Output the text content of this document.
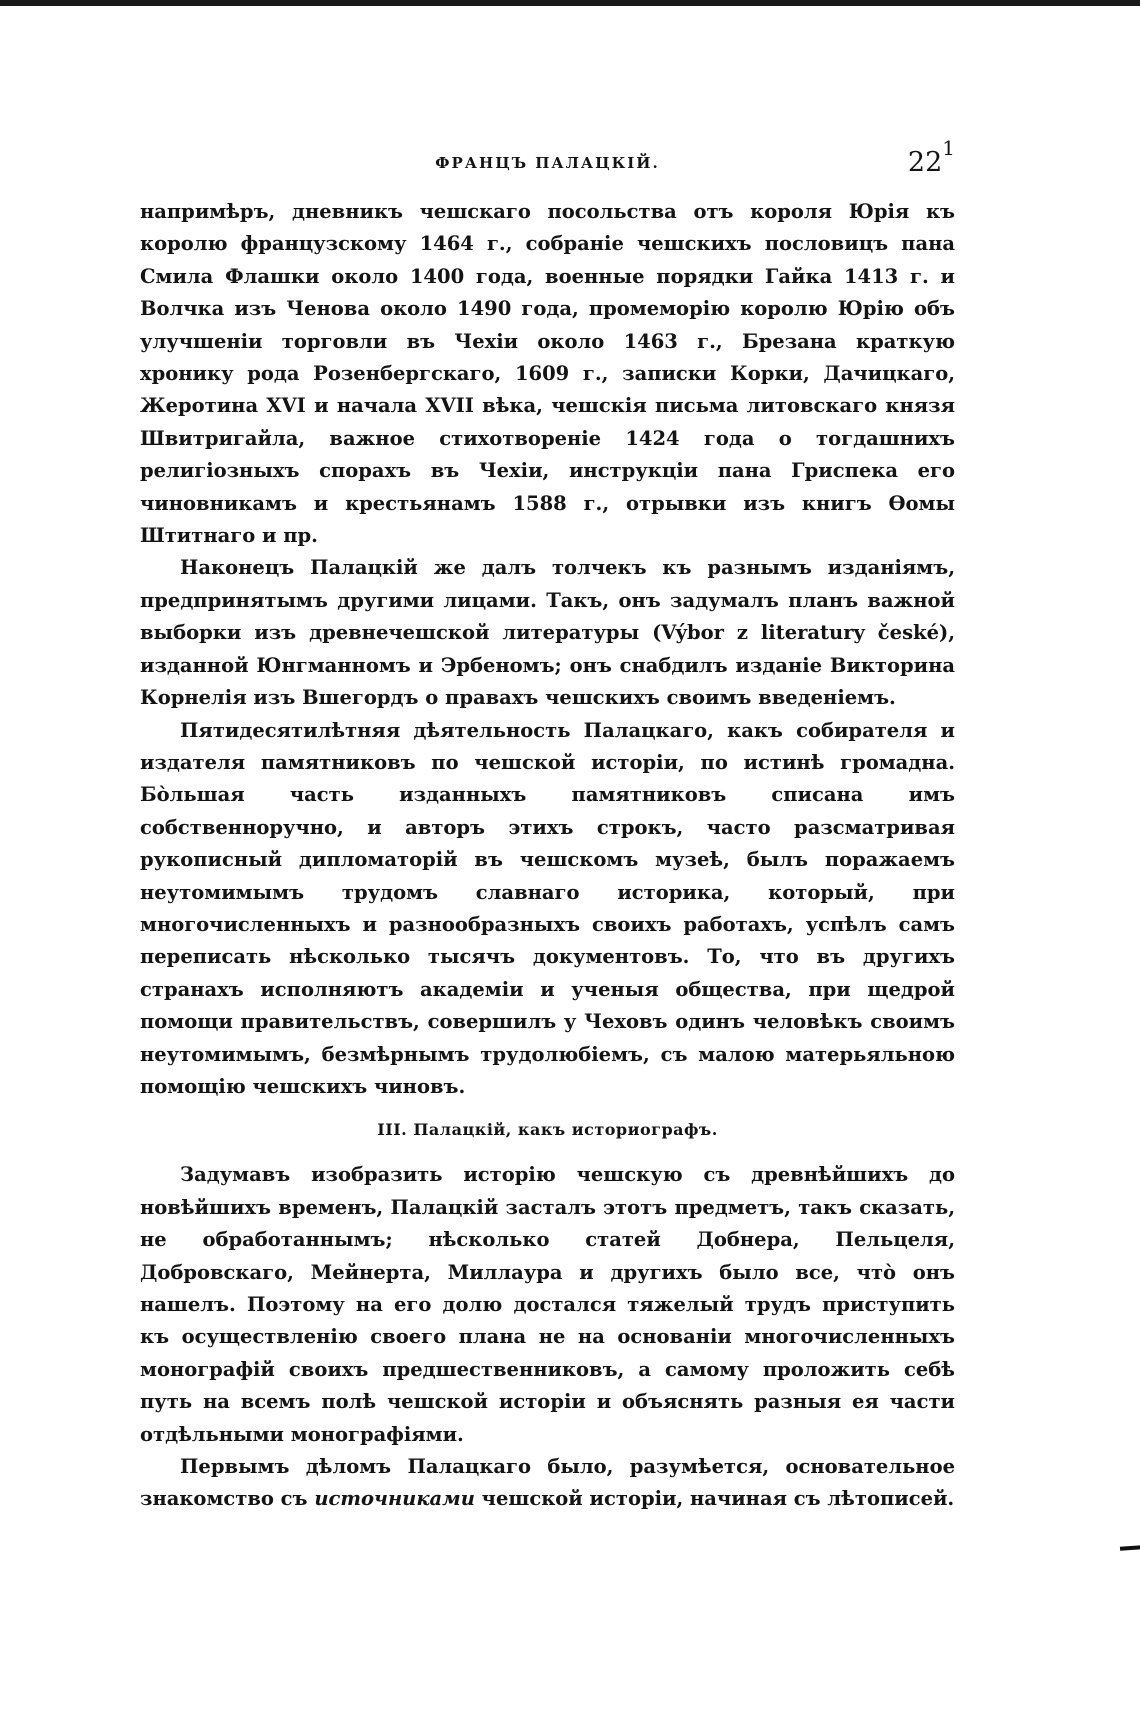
ФРАНЦЪ ПАЛАЦКІЙ.	$22^1$

напримѣръ, дневникъ чешскаго посольства отъ короля Юрія къ королю французскому 1464 г., собраніе чешскихъ пословицъ пана Смила Флашки около 1400 года, военные порядки Гайка 1413 г. и Волчка изъ Ченова около 1490 года, промеморію королю Юрію объ улучшеніи торговли въ Чехіи около 1463 г., Брезана краткую хронику рода Розенбергскаго, 1609 г., записки Корки, Дачицкаго, Жеротина XVI и начала XVII вѣка, чешскія письма литовскаго князя Швитригайла, важное стихотвореніе 1424 года о тогдашнихъ религіозныхъ спорахъ въ Чехіи, инструкціи пана Гриспека его чиновникамъ и крестьянамъ 1588 г., отрывки изъ книгъ Ѳомы Штитнаго и пр.

Наконецъ Палацкій же далъ толчекъ къ разнымъ изданіямъ, предпринятымъ другими лицами. Такъ, онъ задумалъ планъ важной выборки изъ древнечешской литературы (Výbor z literatury české), изданной Юнгманномъ и Эрбеномъ; онъ снабдилъ изданіе Викторина Корнелія изъ Вшегордъ о правахъ чешскихъ своимъ введеніемъ.

Пятидесятилѣтняя дѣятельность Палацкаго, какъ собирателя и издателя памятниковъ по чешской исторіи, по истинѣ громадна. Бо̀льшая часть изданныхъ памятниковъ списана имъ собственноручно, и авторъ этихъ строкъ, часто разсматривая рукописный дипломаторій въ чешскомъ музеѣ, былъ поражаемъ неутомимымъ трудомъ славнаго историка, который, при многочисленныхъ и разнообразныхъ своихъ работахъ, успѣлъ самъ переписать нѣсколько тысячъ документовъ. То, что въ другихъ странахъ исполняютъ академіи и ученыя общества, при щедрой помощи правительствъ, совершилъ у Чеховъ одинъ человѣкъ своимъ неутомимымъ, безмѣрнымъ трудолюбіемъ, съ малою матерьяльною помощію чешскихъ чиновъ.

III. Палацкій, какъ историографъ.

Задумавъ изобразить исторію чешскую съ древнѣйшихъ до новѣйшихъ временъ, Палацкій засталъ этотъ предметъ, такъ сказать, не обработаннымъ; нѣсколько статей Добнера, Пельцеля, Добровскаго, Мейнерта, Миллаура и другихъ было все, что̀ онъ нашелъ. Поэтому на его долю достался тяжелый трудъ приступить къ осуществленію своего плана не на основаніи многочисленныхъ монографій своихъ предшественниковъ, а самому проложить себѣ путь на всемъ полѣ чешской исторіи и объяснять разныя ея части отдѣльными монографіями.

Первымъ дѣломъ Палацкаго было, разумѣется, основательное знакомство съ источниками чешской исторіи, начиная съ лѣтописей.
